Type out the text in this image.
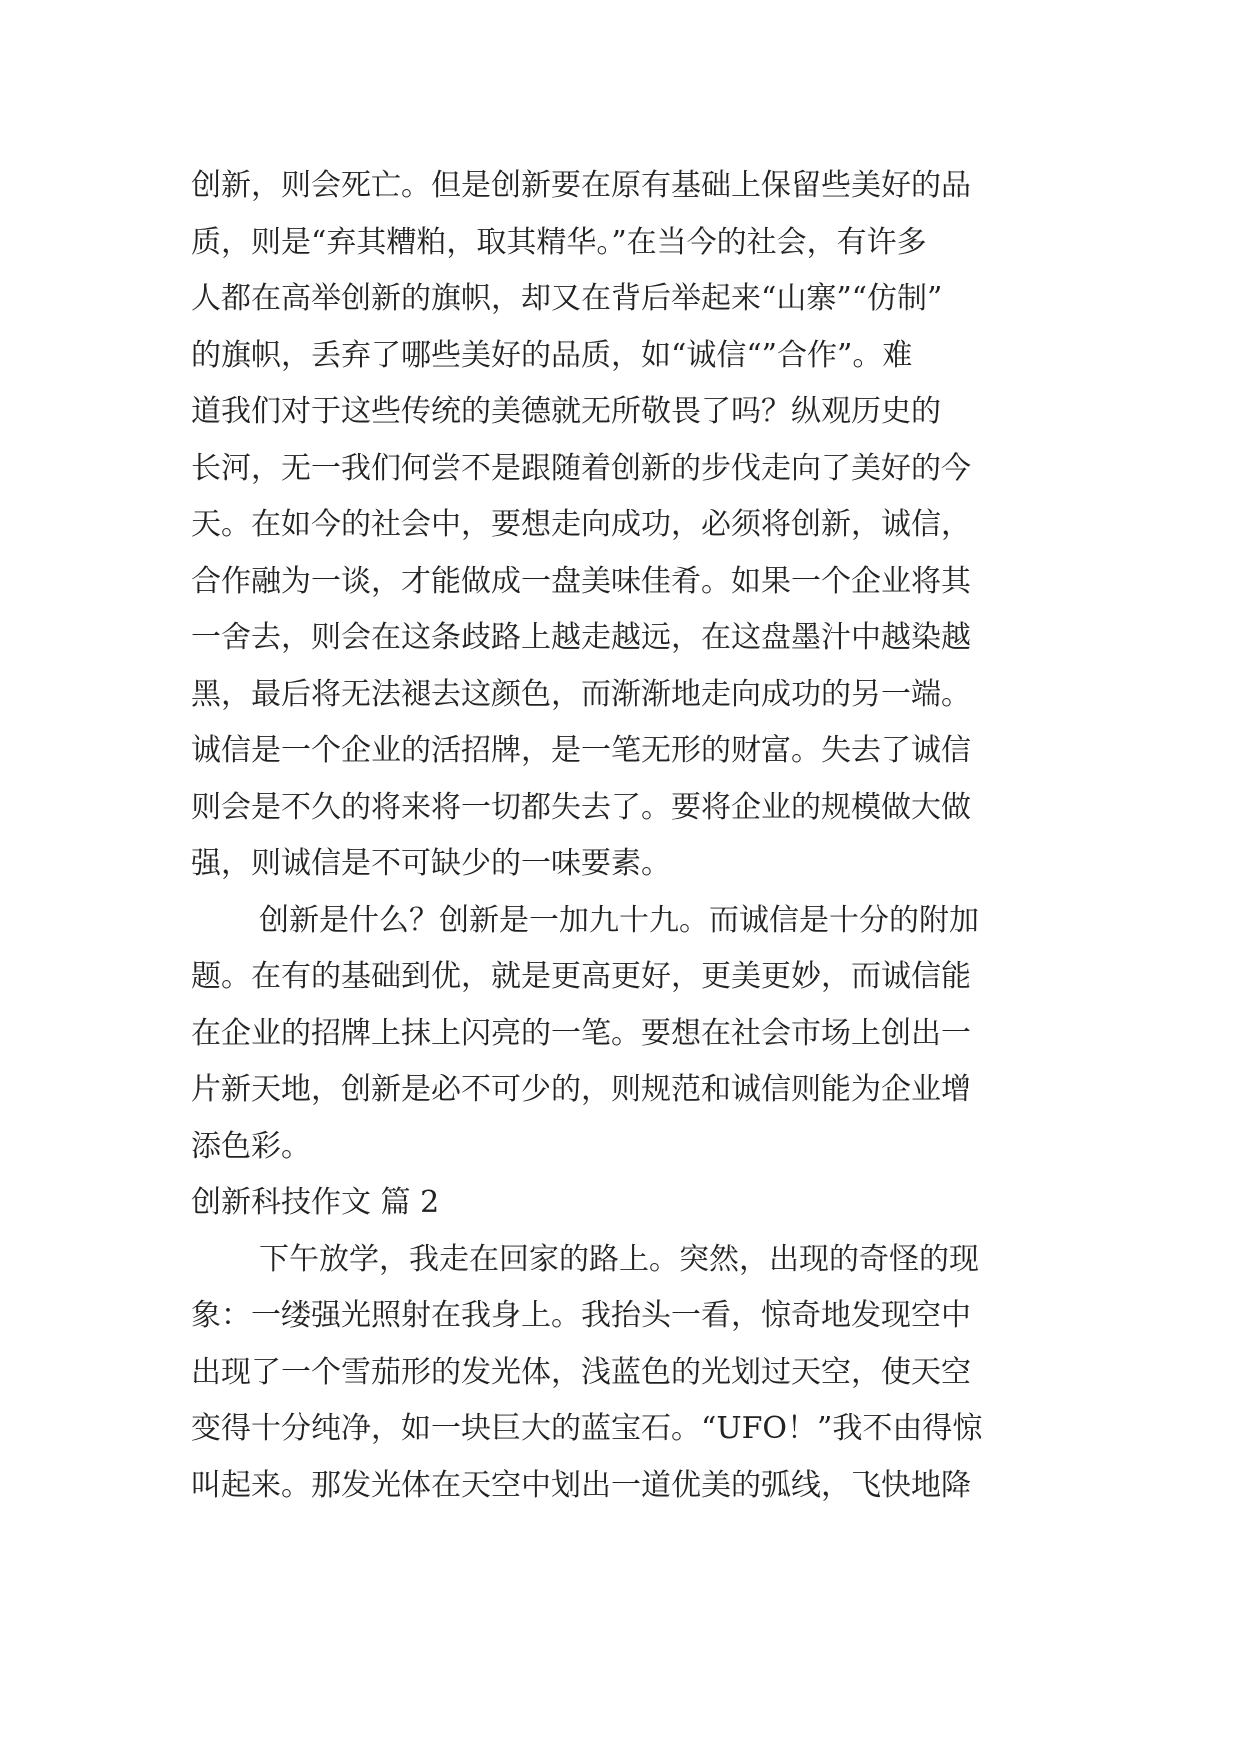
创新，则会死亡。但是创新要在原有基础上保留些美好的品
质，则是“弃其糟粕，取其精华。”在当今的社会，有许多
人都在高举创新的旗帜，却又在背后举起来“山寨”“仿制”
的旗帜，丢弃了哪些美好的品质，如“诚信“”合作”。难
道我们对于这些传统的美德就无所敬畏了吗？纵观历史的
长河，无一我们何尝不是跟随着创新的步伐走向了美好的今
天。在如今的社会中，要想走向成功，必须将创新，诚信，
合作融为一谈，才能做成一盘美味佳肴。如果一个企业将其
一舍去，则会在这条歧路上越走越远，在这盘墨汁中越染越
黑，最后将无法褪去这颜色，而渐渐地走向成功的另一端。
诚信是一个企业的活招牌，是一笔无形的财富。失去了诚信
则会是不久的将来将一切都失去了。要将企业的规模做大做
强，则诚信是不可缺少的一味要素。
创新是什么？创新是一加九十九。而诚信是十分的附加
题。在有的基础到优，就是更高更好，更美更妙，而诚信能
在企业的招牌上抹上闪亮的一笔。要想在社会市场上创出一
片新天地，创新是必不可少的，则规范和诚信则能为企业增
添色彩。
创新科技作文 篇 2
下午放学，我走在回家的路上。突然，出现的奇怪的现
象：一缕强光照射在我身上。我抬头一看，惊奇地发现空中
出现了一个雪茄形的发光体，浅蓝色的光划过天空，使天空
变得十分纯净，如一块巨大的蓝宝石。“UFO！”我不由得惊
叫起来。那发光体在天空中划出一道优美的弧线，飞快地降
